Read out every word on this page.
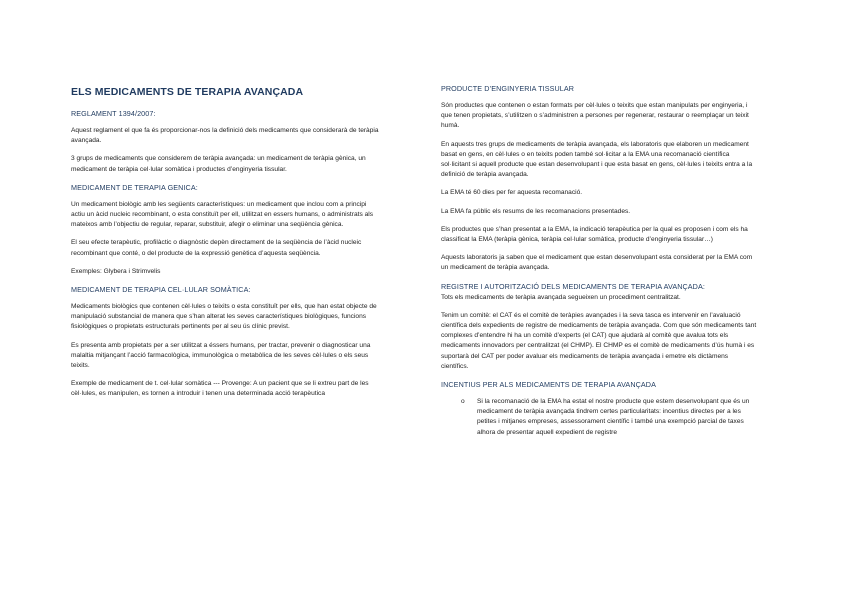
ELS MEDICAMENTS DE TERAPIA AVANÇADA
REGLAMENT 1394/2007:

Aquest reglament el que fa és proporcionar-nos la definició dels medicaments que considerarà de teràpia avançada.

3 grups de medicaments que considerem de teràpia avançada: un medicament de teràpia gènica, un medicament de teràpia cel·lular somàtica i productes d’enginyeria tissular.

MEDICAMENT DE TERAPIA GENICA:

Un medicament biològic amb les següents característiques: un medicament que inclou com a principi actiu un àcid nucleic recombinant, o esta constituït per ell, utilitzat en essers humans, o administrats als mateixos amb l’objectiu de regular, reparar, substituir, afegir o eliminar una seqüència gènica.

El seu efecte terapèutic, profilàctic o diagnòstic depèn directament de la seqüència de l’àcid nucleic recombinant que conté, o del producte de la expressió genètica d’aquesta seqüència.

Exemples: Glybera i Strimvelis

MEDICAMENT DE TERAPIA CEL·LULAR SOMÀTICA:

Medicaments biològics que contenen cèl·lules o teixits o esta constituït per ells, que han estat objecte de manipulació substancial de manera que s’han alterat les seves característiques biològiques, funcions fisiològiques o propietats estructurals pertinents per al seu ús clínic previst.

Es presenta amb propietats per a ser utilitzat a éssers humans, per tractar, prevenir o diagnosticar una malaltia mitjançant l’acció farmacològica, immunològica o metabòlica de les seves cèl·lules o els seus teixits.

Exemple de medicament de t. cel·lular somàtica --- Provenge: A un pacient que se li extreu part de les cèl·lules, es manipulen, es tornen a introduir i tenen una determinada acció terapèutica

PRODUCTE D’ENGINYERIA TISSULAR

Són productes que contenen o estan formats per cèl·lules o teixits que estan manipulats per enginyeria, i que tenen propietats, s’utilitzen o s’administren a persones per regenerar, restaurar o reemplaçar un teixit humà.

En aquests tres grups de medicaments de teràpia avançada, els laboratoris que elaboren un medicament basat en gens, en cèl·lules o en teixits poden també sol·licitar a la EMA una recomanació científica sol·licitant si aquell producte que estan desenvolupant i que esta basat en gens, cèl·lules i teixits entra a la definició de teràpia avançada.

La EMA té 60 dies per fer aquesta recomanació.

La EMA fa públic els resums de les recomanacions presentades.

Els productes que s’han presentat a la EMA, la indicació terapèutica per la qual es proposen i com els ha classificat la EMA (teràpia gènica, teràpia cel·lular somàtica, producte d’enginyeria tissular…)

Aquests laboratoris ja saben que el medicament que estan desenvolupant esta considerat per la EMA com un medicament de teràpia avançada.

REGISTRE I AUTORITZACIÓ DELS MEDICAMENTS DE TERAPIA AVANÇADA:

Tots els medicaments de teràpia avançada segueixen un procediment centralitzat.

Tenim un comitè: el CAT és el comitè de teràpies avançades i la seva tasca es intervenir en l’avaluació científica dels expedients de registre de medicaments de teràpia avançada. Com que són medicaments tant complexes d’entendre hi ha un comitè d’experts (el CAT) que ajudarà al comitè que avalua tots els medicaments innovadors per centralitzat (el CHMP). El CHMP es el comitè de medicaments d’ús humà i es suportarà del CAT per poder avaluar els medicaments de teràpia avançada i emetre els dictàmens científics.

INCENTIUS PER ALS MEDICAMENTS DE TERAPIA AVANÇADA
o Si la recomanació de la EMA ha estat el nostre producte que estem desenvolupant que és un medicament de teràpia avançada tindrem certes particularitats: incentius directes per a les petites i mitjanes empreses, assessorament científic i també una exempció parcial de taxes alhora de presentar aquell expedient de registre
